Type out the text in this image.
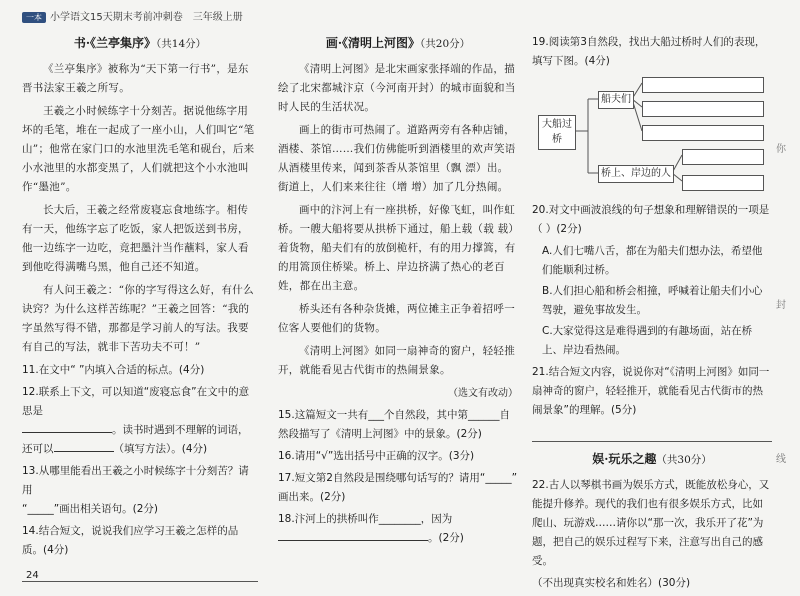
一本 小学语文15天期末考前冲刺卷 三年级上册
书·《兰亭集序》（共14分）

《兰亭集序》被称为“天下第一行书”，是东晋书法家王羲之所写。

王羲之小时候练字十分刻苦。据说他练字用坏的毛笔，堆在一起成了一座小山，人们叫它“笔山”；他常在家门口的水池里洗毛笔和砚台，后来小水池里的水都变黑了，人们就把这个小水池叫作“墨池”。

长大后，王羲之经常废寝忘食地练字。相传有一天，他练字忘了吃饭，家人把饭送到书房，他一边练字一边吃，竟把墨汁当作蘸料，家人看到他吃得满嘴乌黑，他自己还不知道。

有人问王羲之：“你的字写得这么好，有什么诀窍？为什么这样苦练呢？”王羲之回答：“我的字虽然写得不错，那都是学习前人的写法。我要有自己的写法，就非下苦功夫不可！”

11.在文中“ ”内填入合适的标点。(4分)
12.联系上下文，可以知道“废寝忘食”在文中的意思是
。读书时遇到不理解的词语，还可以	（填写方法）。(4分)
13.从哪里能看出王羲之小时候练字十分刻苦？请用
“_____”画出相关语句。(2分)
14.结合短文，说说我们应学习王羲之怎样的品质。(4分)
画·《清明上河图》（共20分）

《清明上河图》是北宋画家张择端的作品，描绘了北宋都城汴京（今河南开封）的城市面貌和当时人民的生活状况。

画上的街市可热闹了。道路两旁有各种店铺，酒楼、茶馆……我们仿佛能听到酒楼里的欢声笑语从酒楼里传来，闻到茶香从茶馆里（飘 漂）出。街道上，人们来来往往（增 增）加了几分热闹。

画中的汴河上有一座拱桥，好像飞虹，叫作虹桥。一艘大船将要从拱桥下通过，船上载（载 载）着货物，船夫们有的放倒桅杆，有的用力撑篙，有的用篙顶住桥梁。桥上、岸边挤满了热心的老百姓，都在出主意。

桥头还有各种杂货摊，两位摊主正争着招呼一位客人要他们的货物。

《清明上河图》如同一扇神奇的窗户，轻轻推开，就能看见古代街市的热闹景象。

（选文有改动）
15.这篇短文一共有___个自然段，其中第______自
然段描写了《清明上河图》中的景象。(2分)
16.请用“√”选出括号中正确的汉字。(3分)
17.短文第2自然段是围绕哪句话写的？请用“_____”
画出来。(2分)
18.汴河上的拱桥叫作________，因为
。(2分)
19.阅读第3自然段，找出大船过桥时人们的表现，填写下图。(4分)
大船过桥
船夫们
桥上、岸边的人
20.对文中画波浪线的句子想象和理解错误的一项是（ ）(2分)
A.人们七嘴八舌，都在为船夫们想办法，希望他们能顺利过桥。
B.人们担心船和桥会相撞，呼喊着让船夫们小心驾驶，避免事故发生。
C.大家觉得这是难得遇到的有趣场面，站在桥上、岸边看热闹。
21.结合短文内容，说说你对“《清明上河图》如同一扇神奇的窗户，轻轻推开，就能看见古代街市的热闹景象”的理解。(5分)
娱·玩乐之趣（共30分）
22.古人以琴棋书画为娱乐方式，既能放松身心，又能提升修养。现代的我们也有很多娱乐方式，比如爬山、玩游戏……请你以“那一次，我乐开了花”为题，把自己的娱乐过程写下来，注意写出自己的感受。
（不出现真实校名和姓名）(30分)
你
封
线
24
